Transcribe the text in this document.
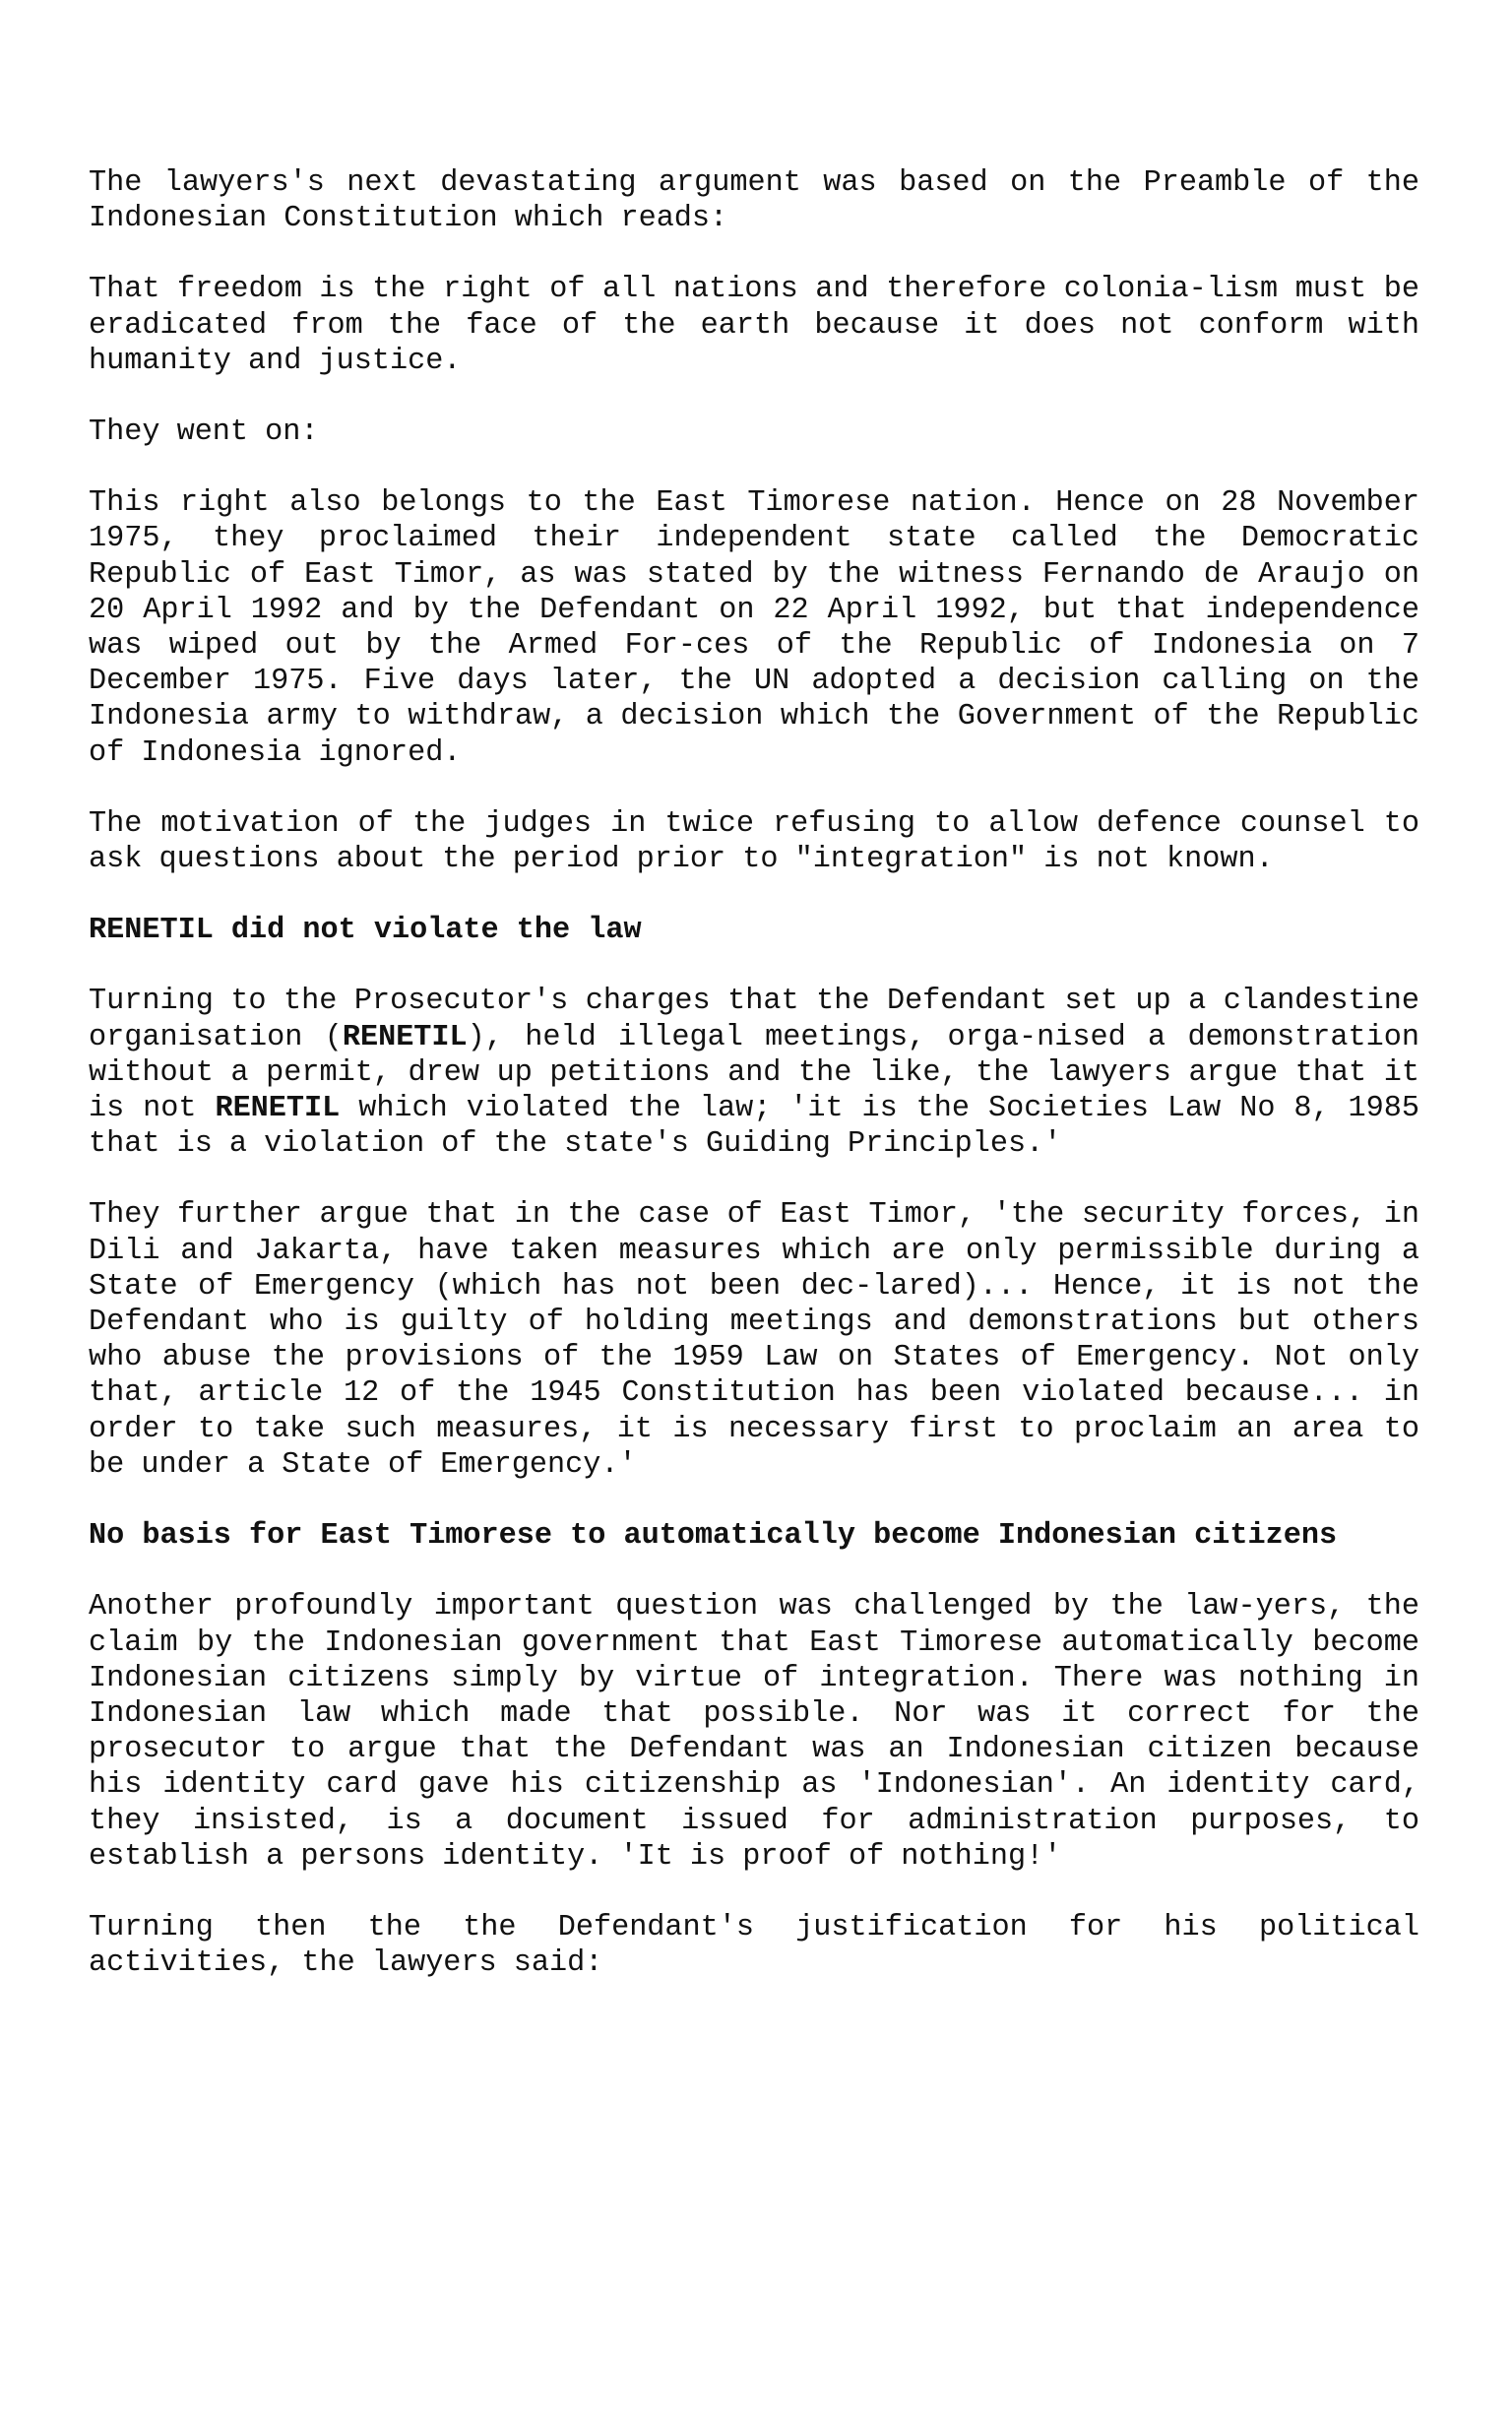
The lawyers's next devastating argument was based on the Preamble of the Indonesian Constitution which reads:

That freedom is the right of all nations and therefore colonia-lism must be eradicated from the face of the earth because it does not conform with humanity and justice.

They went on:

This right also belongs to the East Timorese nation. Hence on 28 November 1975, they proclaimed their independent state called the Democratic Republic of East Timor, as was stated by the witness Fernando de Araujo on 20 April 1992 and by the Defendant on 22 April 1992, but that independence was wiped out by the Armed For-ces of the Republic of Indonesia on 7 December 1975. Five days later, the UN adopted a decision calling on the Indonesia army to withdraw, a decision which the Government of the Republic of Indonesia ignored.

The motivation of the judges in twice refusing to allow defence counsel to ask questions about the period prior to "integration" is not known.

RENETIL did not violate the law

Turning to the Prosecutor's charges that the Defendant set up a clandestine organisation (RENETIL), held illegal meetings, orga-nised a demonstration without a permit, drew up petitions and the like, the lawyers argue that it is not RENETIL which violated the law; 'it is the Societies Law No 8, 1985 that is a violation of the state's Guiding Principles.'

They further argue that in the case of East Timor, 'the security forces, in Dili and Jakarta, have taken measures which are only permissible during a State of Emergency (which has not been dec-lared)... Hence, it is not the Defendant who is guilty of holding meetings and demonstrations but others who abuse the provisions of the 1959 Law on States of Emergency. Not only that, article 12 of the 1945 Constitution has been violated because... in order to take such measures, it is necessary first to proclaim an area to be under a State of Emergency.'

No basis for East Timorese to automatically become Indonesian citizens

Another profoundly important question was challenged by the law-yers, the claim by the Indonesian government that East Timorese automatically become Indonesian citizens simply by virtue of integration. There was nothing in Indonesian law which made that possible. Nor was it correct for the prosecutor to argue that the Defendant was an Indonesian citizen because his identity card gave his citizenship as 'Indonesian'. An identity card, they insisted, is a document issued for administration purposes, to establish a persons identity. 'It is proof of nothing!'

Turning then the the Defendant's justification for his political activities, the lawyers said:
